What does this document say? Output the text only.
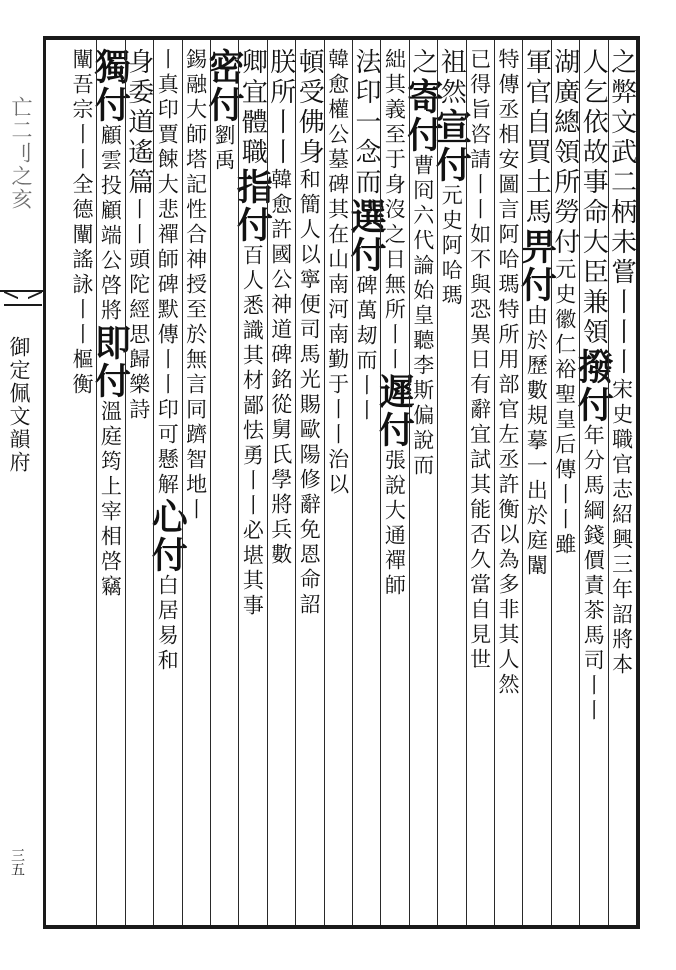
亡二刂之亥
御定佩文韻府
三五
之弊文武二柄未嘗丨丨丨宋史職官志紹興三年詔將本
人乞依故事命大臣兼領撥付年分馬綱錢價責茶馬司丨丨
湖廣總領所勞付元史徽仁裕聖皇后傳丨丨雖
軍官自買土馬畀付由於歷數規摹一出於庭闈
特傳丞相安圖言阿哈瑪特所用部官左丞許衡以為多非其人然
已得旨咨請丨丨如不與恐異日有辭宜試其能否久當自見世
祖然宣付元史阿哈瑪
之寄付曹冏六代論始皇聽李斯偏說而
絀其義至于身沒之日無所丨丨遲付張說大通禪師
法印一念而選付碑萬刼而丨丨
韓愈權公墓碑其在山南河南勤于丨丨治以
頓受佛身和簡人以寧便司馬光賜歐陽修辭免恩命詔
朕所丨丨韓愈許國公神道碑銘從舅氏學將兵數
卿宜體職指付百人悉識其材鄙怯勇丨丨必堪其事
密付劉禹
錫融大師塔記性合神授至於無言同躋智地丨
丨真印賈餗大悲禪師碑默傳丨丨印可懸解心付白居易和
身委道遙篇丨丨頭陀經思歸樂詩
獨付顧雲投顧端公啓將即付溫庭筠上宰相啓竊
闡吾宗丨丨全德闡謠詠丨丨樞衡
